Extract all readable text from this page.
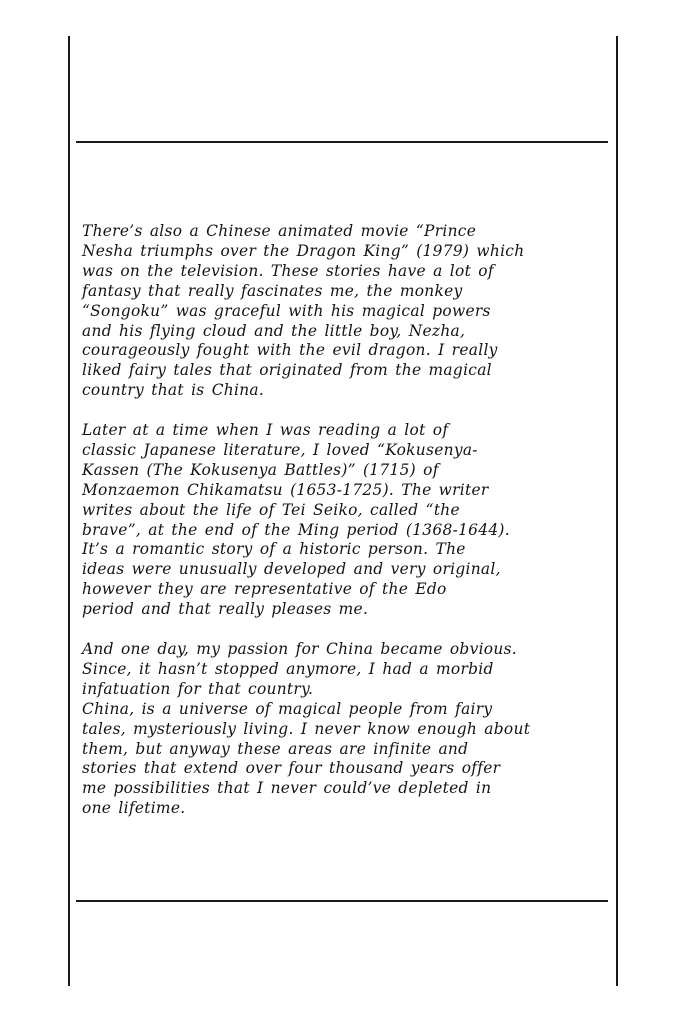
There’s also a Chinese animated movie “Prince
Nesha triumphs over the Dragon King” (1979) which
was on the television. These stories have a lot of
fantasy that really fascinates me, the monkey
“Songoku” was graceful with his magical powers
and his flying cloud and the little boy, Nezha,
courageously fought with the evil dragon. I really
liked fairy tales that originated from the magical
country that is China.

Later at a time when I was reading a lot of
classic Japanese literature, I loved “Kokusenya-
Kassen (The Kokusenya Battles)” (1715) of
Monzaemon Chikamatsu (1653-1725). The writer
writes about the life of Tei Seiko, called “the
brave”, at the end of the Ming period (1368-1644).
It’s a romantic story of a historic person. The
ideas were unusually developed and very original,
however they are representative of the Edo
period and that really pleases me.

And one day, my passion for China became obvious.
Since, it hasn’t stopped anymore, I had a morbid
infatuation for that country.
China, is a universe of magical people from fairy
tales, mysteriously living. I never know enough about
them, but anyway these areas are infinite and
stories that extend over four thousand years offer
me possibilities that I never could’ve depleted in
one lifetime.
